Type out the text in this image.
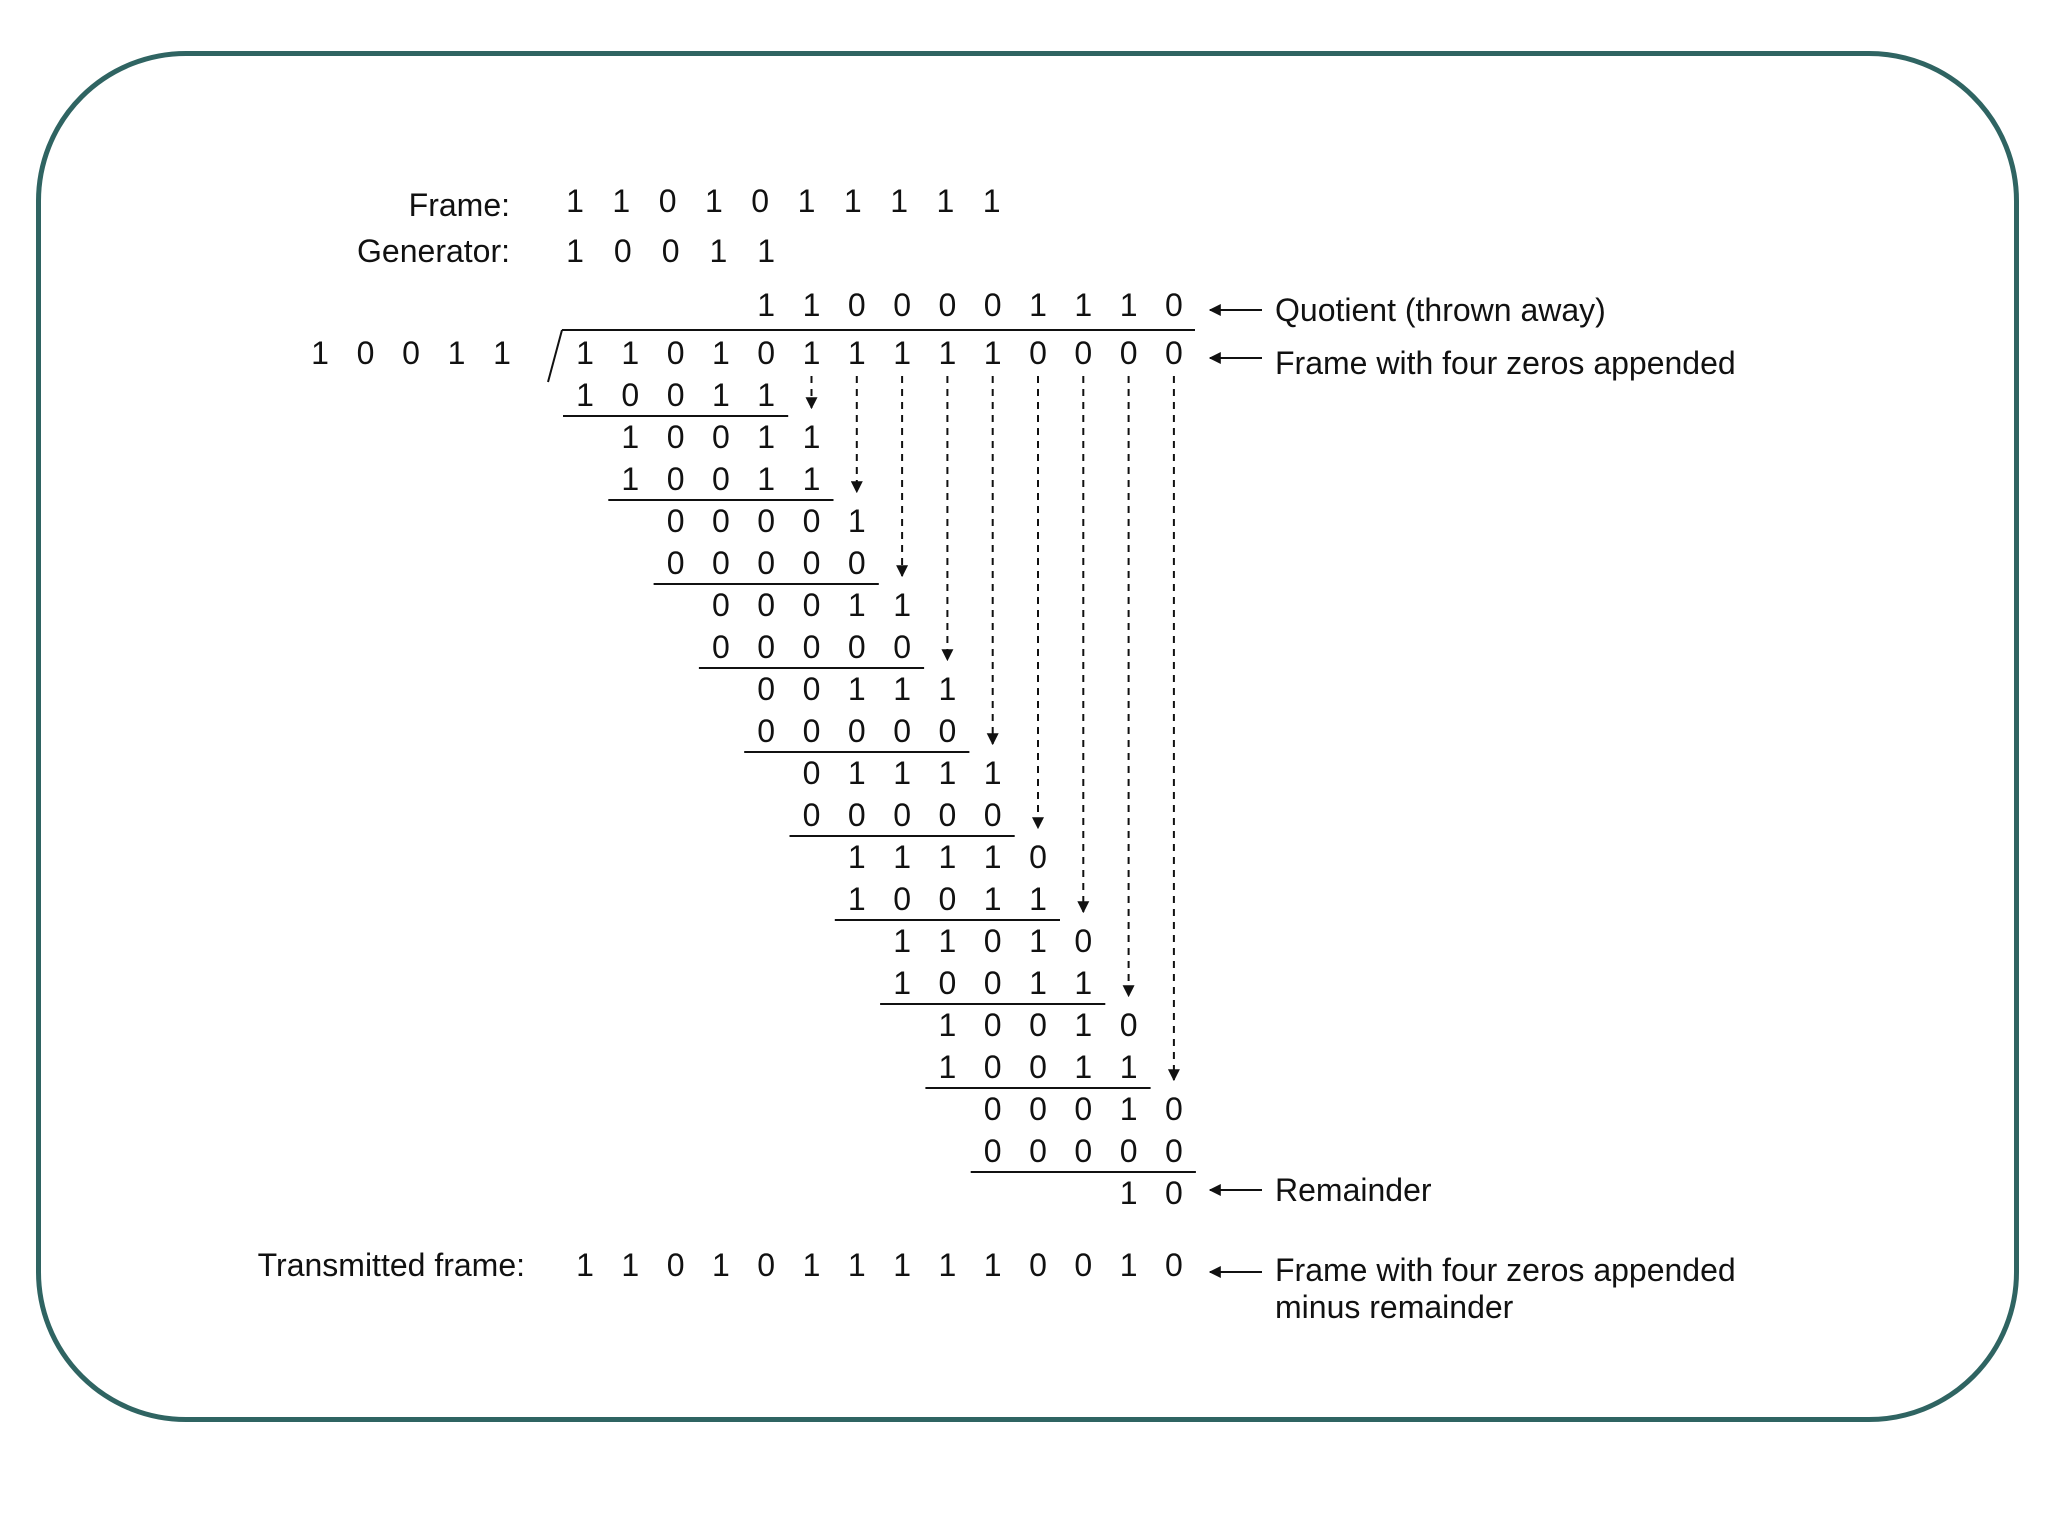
Frame:
Generator:
Transmitted frame:
Quotient (thrown away)
Frame with four zeros appended
Remainder
Frame with four zeros appended
minus remainder
1 1 0 1 0 1 1 1 1 1
1 0 0 1 1
1 1 0 0 0 0 1 1 1 0
1 0 0 1 1 1 1 0 1 0 1 1 1 1 1 0 0 0 0
1 0 0 1 1
1 0 0 1 1
1 0 0 1 1
0 0 0 0 1
0 0 0 0 0
0 0 0 1 1
0 0 0 0 0
0 0 1 1 1
0 0 0 0 0
0 1 1 1 1
0 0 0 0 0
1 1 1 1 0
1 0 0 1 1
1 1 0 1 0
1 0 0 1 1
1 0 0 1 0
1 0 0 1 1
0 0 0 1 0
0 0 0 0 0
1 0
1 1 0 1 0 1 1 1 1 1 0 0 1 0
